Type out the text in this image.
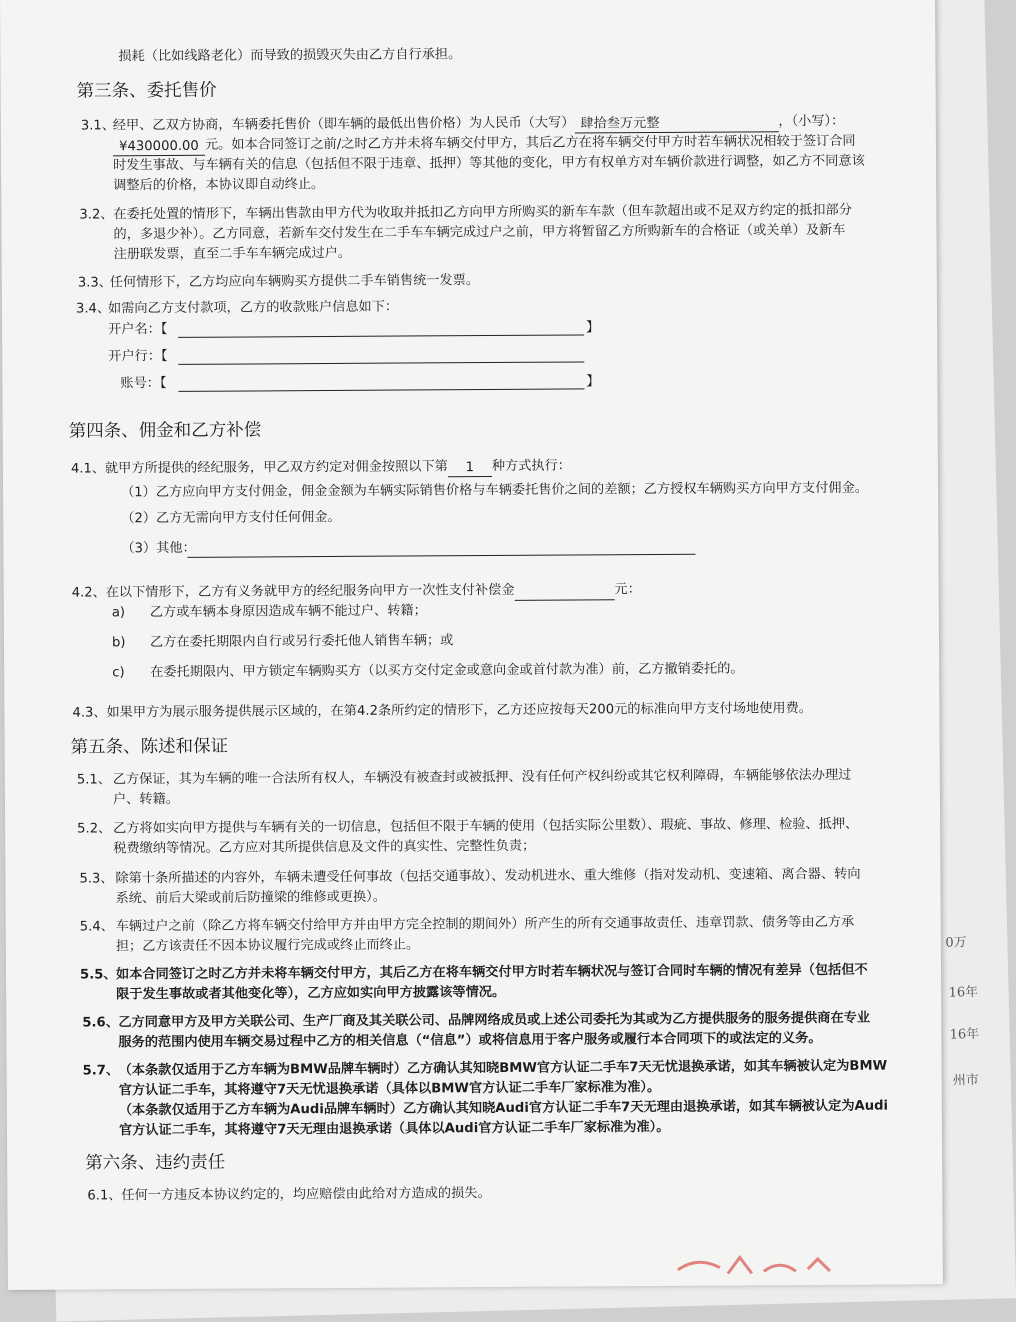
0万
16年
16年
州市
损耗（比如线路老化）而导致的损毁灭失由乙方自行承担。
第三条、委托售价
3.1、
经甲、乙双方协商，车辆委托售价（即车辆的最低出售价格）为人民币（大写） 肆拾叁万元整	，（小写）：
¥430000.00 元。如本合同签订之前/之时乙方并未将车辆交付甲方，其后乙方在将车辆交付甲方时若车辆状况相较于签订合同
时发生事故、与车辆有关的信息（包括但不限于违章、抵押）等其他的变化，甲方有权单方对车辆价款进行调整，如乙方不同意该
调整后的价格，本协议即自动终止。
3.2、 在委托处置的情形下，车辆出售款由甲方代为收取并抵扣乙方向甲方所购买的新车车款（但车款超出或不足双方约定的抵扣部分
的，多退少补）。乙方同意，若新车交付发生在二手车车辆完成过户之前，甲方将暂留乙方所购新车的合格证（或关单）及新车
注册联发票，直至二手车车辆完成过户。
3.3、
任何情形下，乙方均应向车辆购买方提供二手车销售统一发票。
3.4、
如需向乙方支付款项，乙方的收款账户信息如下：
开户名：【	】
开户行：【
账号：【	】
第四条、佣金和乙方补偿
4.1、 就甲方所提供的经纪服务，甲乙双方约定对佣金按照以下第 1 种方式执行：
（1）乙方应向甲方支付佣金，佣金金额为车辆实际销售价格与车辆委托售价之间的差额；乙方授权车辆购买方向甲方支付佣金。
（2）乙方无需向甲方支付任何佣金。
（3）其他：
4.2、 在以下情形下，乙方有义务就甲方的经纪服务向甲方一次性支付补偿金	元：
a) 乙方或车辆本身原因造成车辆不能过户、转籍；
b) 乙方在委托期限内自行或另行委托他人销售车辆；或
c) 在委托期限内、甲方锁定车辆购买方（以买方交付定金或意向金或首付款为准）前，乙方撤销委托的。
4.3、 如果甲方为展示服务提供展示区域的，在第4.2条所约定的情形下，乙方还应按每天200元的标准向甲方支付场地使用费。
第五条、陈述和保证
5.1、 乙方保证，其为车辆的唯一合法所有权人，车辆没有被查封或被抵押、没有任何产权纠纷或其它权利障碍，车辆能够依法办理过
户、转籍。
5.2、 乙方将如实向甲方提供与车辆有关的一切信息，包括但不限于车辆的使用（包括实际公里数）、瑕疵、事故、修理、检验、抵押、
税费缴纳等情况。乙方应对其所提供信息及文件的真实性、完整性负责；
5.3、 除第十条所描述的内容外，车辆未遭受任何事故（包括交通事故）、发动机进水、重大维修（指对发动机、变速箱、离合器、转向
系统、前后大梁或前后防撞梁的维修或更换）。
5.4、 车辆过户之前（除乙方将车辆交付给甲方并由甲方完全控制的期间外）所产生的所有交通事故责任、违章罚款、债务等由乙方承
担；乙方该责任不因本协议履行完成或终止而终止。
5.5、 如本合同签订之时乙方并未将车辆交付甲方，其后乙方在将车辆交付甲方时若车辆状况与签订合同时车辆的情况有差异（包括但不
限于发生事故或者其他变化等），乙方应如实向甲方披露该等情况。
5.6、 乙方同意甲方及甲方关联公司、生产厂商及其关联公司、品牌网络成员或上述公司委托为其或为乙方提供服务的服务提供商在专业
服务的范围内使用车辆交易过程中乙方的相关信息（“信息”）或将信息用于客户服务或履行本合同项下的或法定的义务。
5.7、 （本条款仅适用于乙方车辆为BMW品牌车辆时）乙方确认其知晓BMW官方认证二手车7天无忧退换承诺，如其车辆被认定为BMW
官方认证二手车，其将遵守7天无忧退换承诺（具体以BMW官方认证二手车厂家标准为准）。
（本条款仅适用于乙方车辆为Audi品牌车辆时）乙方确认其知晓Audi官方认证二手车7天无理由退换承诺，如其车辆被认定为Audi
官方认证二手车，其将遵守7天无理由退换承诺（具体以Audi官方认证二手车厂家标准为准）。
第六条、违约责任
6.1、 任何一方违反本协议约定的，均应赔偿由此给对方造成的损失。
